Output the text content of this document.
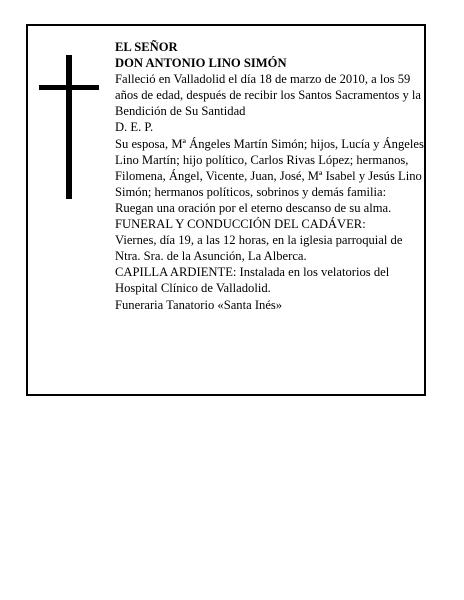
EL SEÑOR

DON ANTONIO LINO SIMÓN

Falleció en Valladolid el día 18 de marzo de 2010, a los 59 años de edad, después de recibir los Santos Sacramentos y la Bendición de Su Santidad

D. E. P.

Su esposa, Mª Ángeles Martín Simón; hijos, Lucía y Ángeles Lino Martín; hijo político, Carlos Rivas López; hermanos, Filomena, Ángel, Vicente, Juan, José, Mª Isabel y Jesús Lino Simón; hermanos políticos, sobrinos y demás familia:

Ruegan una oración por el eterno descanso de su alma.

FUNERAL Y CONDUCCIÓN DEL CADÁVER:

Viernes, día 19, a las 12 horas, en la iglesia parroquial de Ntra. Sra. de la Asunción, La Alberca.

CAPILLA ARDIENTE: Instalada en los velatorios del Hospital Clínico de Valladolid.

Funeraria Tanatorio «Santa Inés»
